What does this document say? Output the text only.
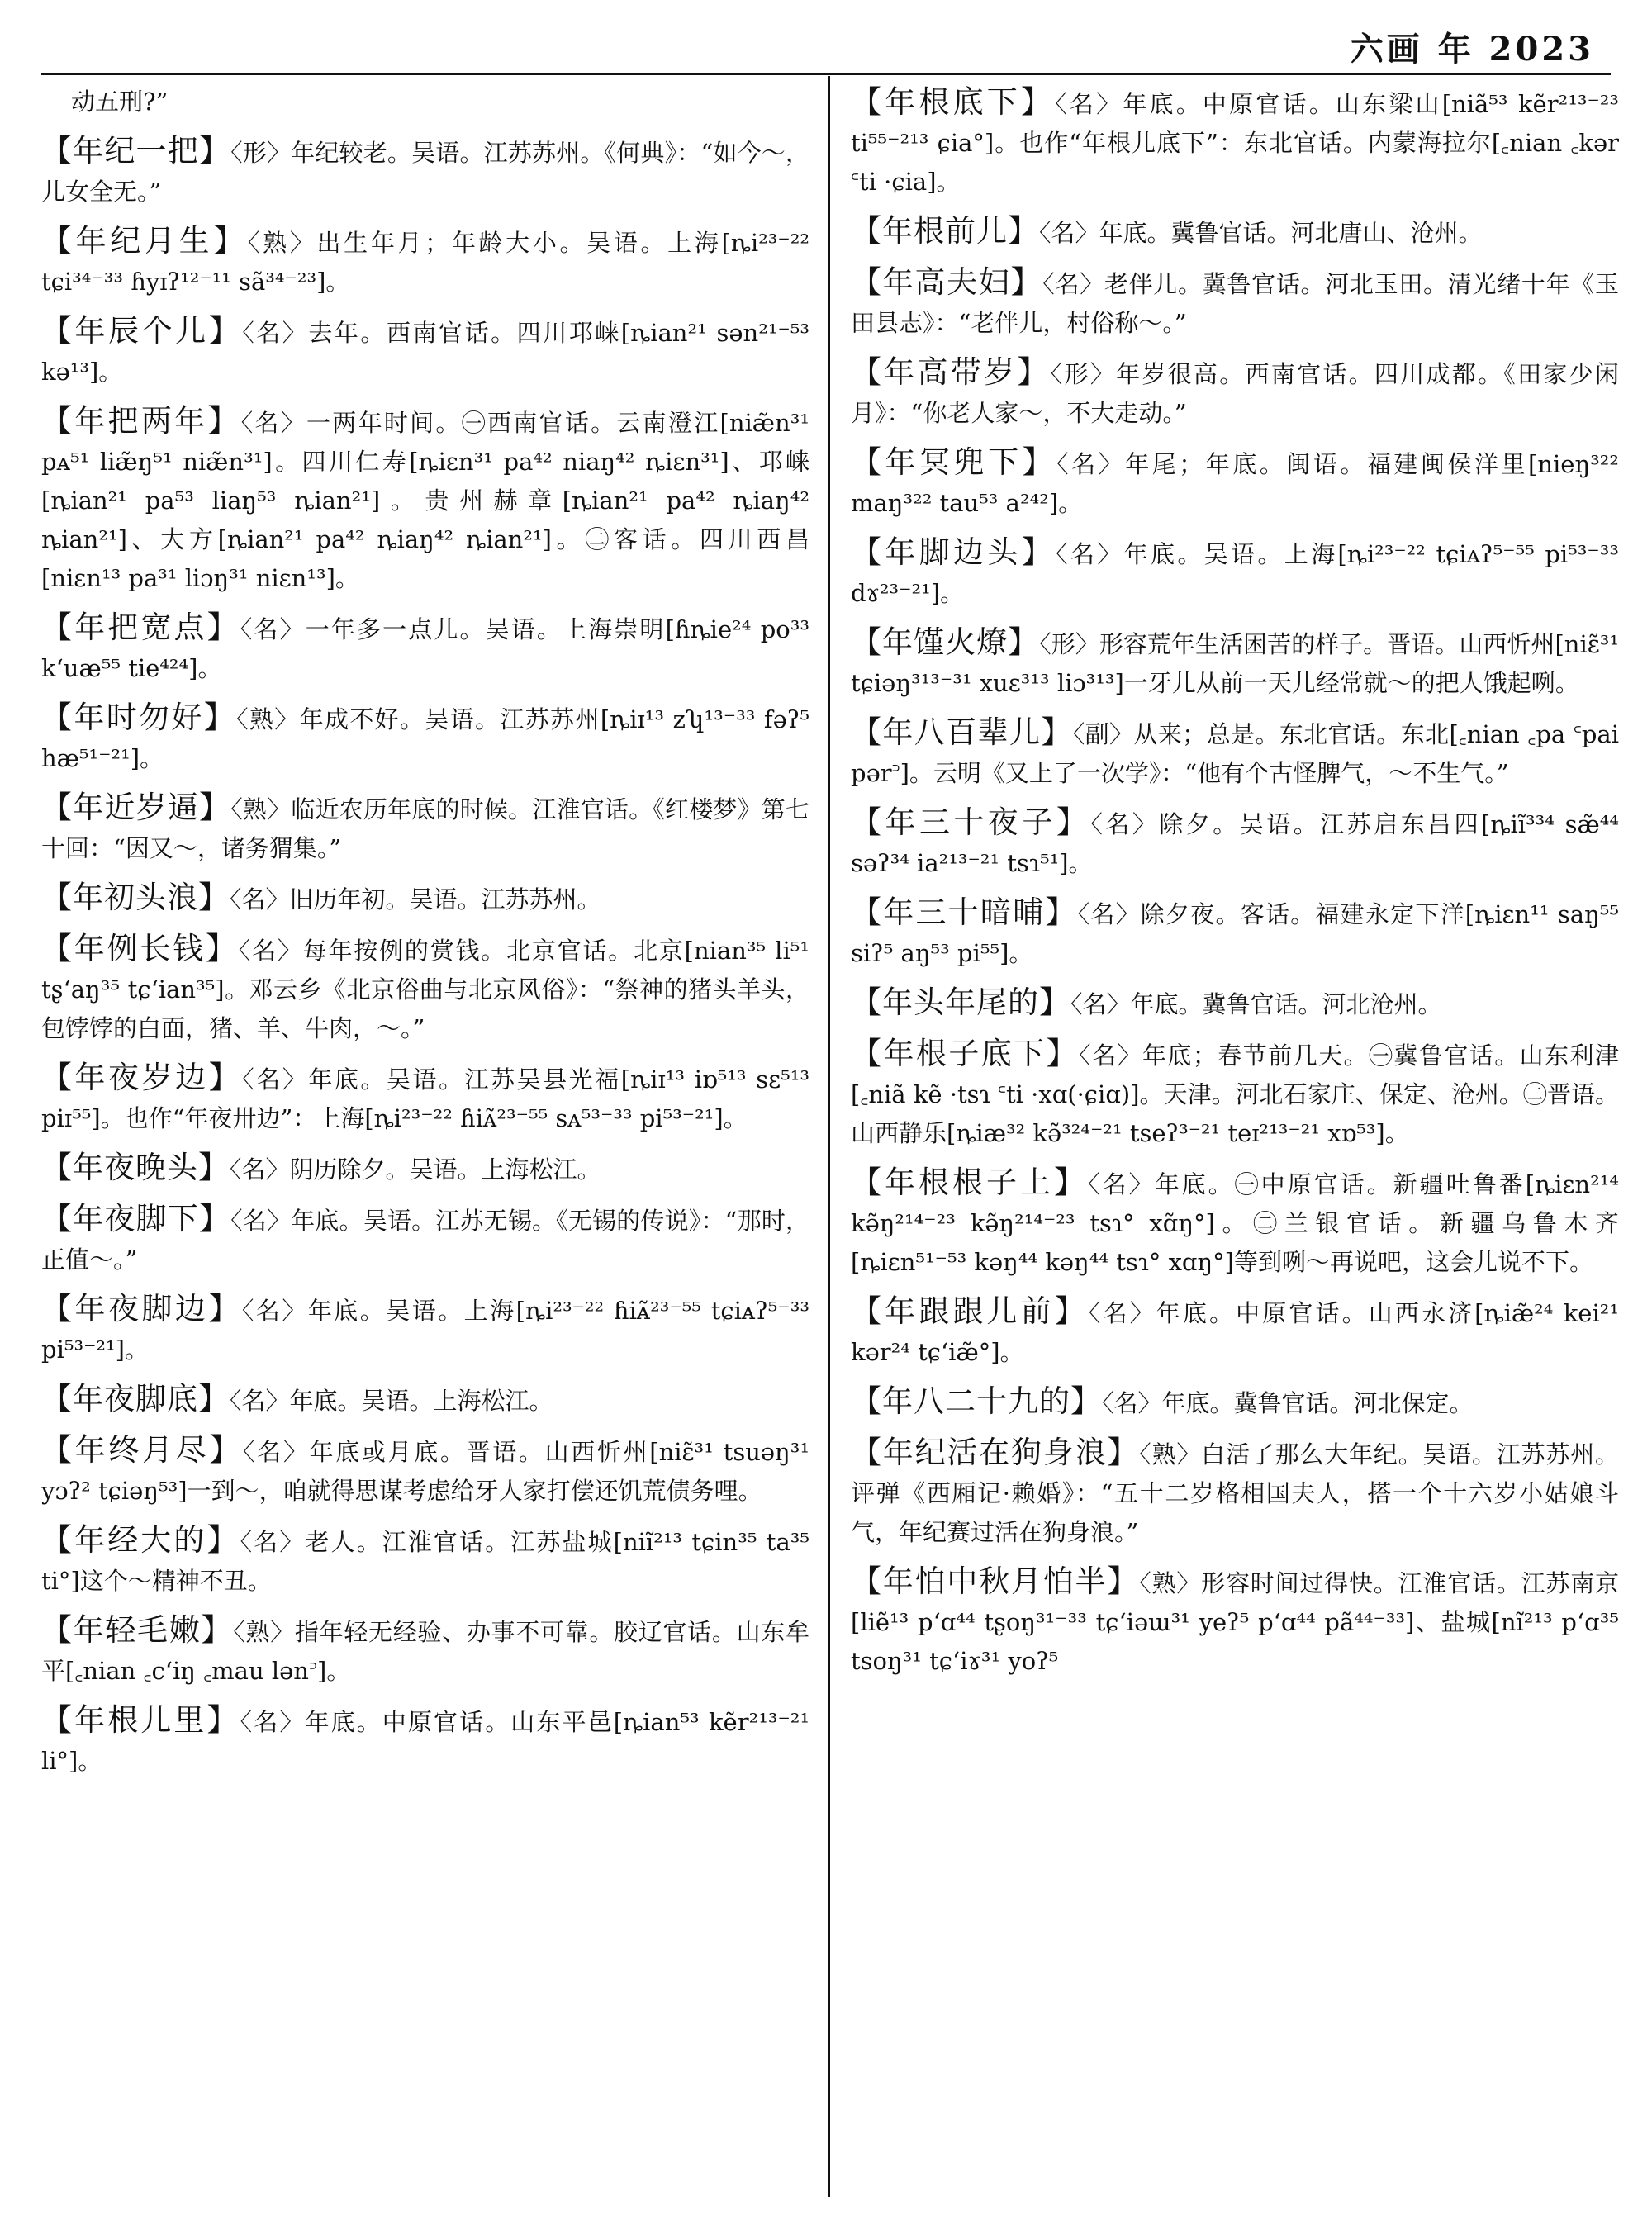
六画 年 2023
动五刑?”
【年纪一把】〈形〉年纪较老。吴语。江苏苏州。《何典》：“如今～，儿女全无。”
【年纪月生】〈熟〉出生年月；年龄大小。吴语。上海[ȵi²³⁻²² tɕi³⁴⁻³³ ɦyɪʔ¹²⁻¹¹ sã³⁴⁻²³]。
【年辰个儿】〈名〉去年。西南官话。四川邛崃[ȵian²¹ sən²¹⁻⁵³ kə¹³]。
【年把两年】〈名〉一两年时间。㊀西南官话。云南澄江[niæ̃n³¹ pᴀ⁵¹ liæ̃ŋ⁵¹ niæ̃n³¹]。四川仁寿[ȵiɛn³¹ pa⁴² niaŋ⁴² ȵiɛn³¹]、邛崃[ȵian²¹ pa⁵³ liaŋ⁵³ ȵian²¹]。贵州赫章[ȵian²¹ pa⁴² ȵiaŋ⁴² ȵian²¹]、大方[ȵian²¹ pa⁴² ȵiaŋ⁴² ȵian²¹]。㊁客话。四川西昌[niɛn¹³ pa³¹ liɔŋ³¹ niɛn¹³]。
【年把宽点】〈名〉一年多一点儿。吴语。上海崇明[ɦȵie²⁴ po³³ kʻuæ⁵⁵ tie⁴²⁴]。
【年时勿好】〈熟〉年成不好。吴语。江苏苏州[ȵiɪ¹³ zʮ¹³⁻³³ fəʔ⁵ hæ⁵¹⁻²¹]。
【年近岁逼】〈熟〉临近农历年底的时候。江淮官话。《红楼梦》第七十回：“因又～，诸务猬集。”
【年初头浪】〈名〉旧历年初。吴语。江苏苏州。
【年例长钱】〈名〉每年按例的赏钱。北京官话。北京[nian³⁵ li⁵¹ tʂʻaŋ³⁵ tɕʻian³⁵]。邓云乡《北京俗曲与北京风俗》：“祭神的猪头羊头，包饽饽的白面，猪、羊、牛肉，～。”
【年夜岁边】〈名〉年底。吴语。江苏吴县光福[ȵiɪ¹³ iɒ⁵¹³ sɛ⁵¹³ piɪ⁵⁵]。也作“年夜卅边”：上海[ȵi²³⁻²² ɦiᴀ̃²³⁻⁵⁵ sᴀ⁵³⁻³³ pi⁵³⁻²¹]。
【年夜晚头】〈名〉阴历除夕。吴语。上海松江。
【年夜脚下】〈名〉年底。吴语。江苏无锡。《无锡的传说》：“那时，正值～。”
【年夜脚边】〈名〉年底。吴语。上海[ȵi²³⁻²² ɦiᴀ̃²³⁻⁵⁵ tɕiᴀʔ⁵⁻³³ pi⁵³⁻²¹]。
【年夜脚底】〈名〉年底。吴语。上海松江。
【年终月尽】〈名〉年底或月底。晋语。山西忻州[niɛ̃³¹ tsuəŋ³¹ yɔʔ² tɕiəŋ⁵³]一到～，咱就得思谋考虑给牙人家打偿还饥荒债务哩。
【年经大的】〈名〉老人。江淮官话。江苏盐城[niĩ²¹³ tɕin³⁵ ta³⁵ ti°]这个～精神不丑。
【年轻毛嫩】〈熟〉指年轻无经验、办事不可靠。胶辽官话。山东牟平[꜀nian ꜀cʻiŋ ꜀mau lən꜄]。
【年根儿里】〈名〉年底。中原官话。山东平邑[ȵian⁵³ kẽr²¹³⁻²¹ li°]。
【年根底下】〈名〉年底。中原官话。山东梁山[niã⁵³ kẽr²¹³⁻²³ ti⁵⁵⁻²¹³ ɕia°]。也作“年根儿底下”：东北官话。内蒙海拉尔[꜀nian ꜀kər ꜂ti ·ɕia]。
【年根前儿】〈名〉年底。冀鲁官话。河北唐山、沧州。
【年高夫妇】〈名〉老伴儿。冀鲁官话。河北玉田。清光绪十年《玉田县志》：“老伴儿，村俗称～。”
【年高带岁】〈形〉年岁很高。西南官话。四川成都。《田家少闲月》：“你老人家～，不大走动。”
【年冥兜下】〈名〉年尾；年底。闽语。福建闽侯洋里[nieŋ³²² maŋ³²² tau⁵³ a²⁴²]。
【年脚边头】〈名〉年底。吴语。上海[ȵi²³⁻²² tɕiᴀʔ⁵⁻⁵⁵ pi⁵³⁻³³ dɤ²³⁻²¹]。
【年馑火燎】〈形〉形容荒年生活困苦的样子。晋语。山西忻州[niɛ̃³¹ tɕiəŋ³¹³⁻³¹ xuɛ³¹³ liɔ³¹³]一牙儿从前一天儿经常就～的把人饿起咧。
【年八百辈儿】〈副〉从来；总是。东北官话。东北[꜀nian ꜀pa ꜂pai pər꜄]。云明《又上了一次学》：“他有个古怪脾气，～不生气。”
【年三十夜子】〈名〉除夕。吴语。江苏启东吕四[ȵiĩ³³⁴ sæ̃⁴⁴ səʔ³⁴ ia²¹³⁻²¹ tsɿ⁵¹]。
【年三十暗晡】〈名〉除夕夜。客话。福建永定下洋[ȵiɛn¹¹ saŋ⁵⁵ siʔ⁵ aŋ⁵³ pi⁵⁵]。
【年头年尾的】〈名〉年底。冀鲁官话。河北沧州。
【年根子底下】〈名〉年底；春节前几天。㊀冀鲁官话。山东利津[꜀niã kẽ ·tsɿ ꜂ti ·xɑ(·ɕiɑ)]。天津。河北石家庄、保定、沧州。㊁晋语。山西静乐[ȵiæ³² kə̃³²⁴⁻²¹ tseʔ³⁻²¹ teɪ²¹³⁻²¹ xɒ⁵³]。
【年根根子上】〈名〉年底。㊀中原官话。新疆吐鲁番[ȵiɛn²¹⁴ kə̃ŋ²¹⁴⁻²³ kə̃ŋ²¹⁴⁻²³ tsɿ° xɑ̃ŋ°]。㊁兰银官话。新疆乌鲁木齐[ȵiɛn⁵¹⁻⁵³ kəŋ⁴⁴ kəŋ⁴⁴ tsɿ° xɑŋ°]等到咧～再说吧，这会儿说不下。
【年跟跟儿前】〈名〉年底。中原官话。山西永济[ȵiæ̃²⁴ kei²¹ kər²⁴ tɕʻiæ̃°]。
【年八二十九的】〈名〉年底。冀鲁官话。河北保定。
【年纪活在狗身浪】〈熟〉白活了那么大年纪。吴语。江苏苏州。评弹《西厢记·赖婚》：“五十二岁格相国夫人，搭一个十六岁小姑娘斗气，年纪赛过活在狗身浪。”
【年怕中秋月怕半】〈熟〉形容时间过得快。江淮官话。江苏南京[liẽ¹³ pʻɑ⁴⁴ tʂoŋ³¹⁻³³ tɕʻiəɯ³¹ yeʔ⁵ pʻɑ⁴⁴ pã⁴⁴⁻³³]、盐城[nĩ²¹³ pʻɑ³⁵ tsoŋ³¹ tɕʻiɤ³¹ yoʔ⁵
